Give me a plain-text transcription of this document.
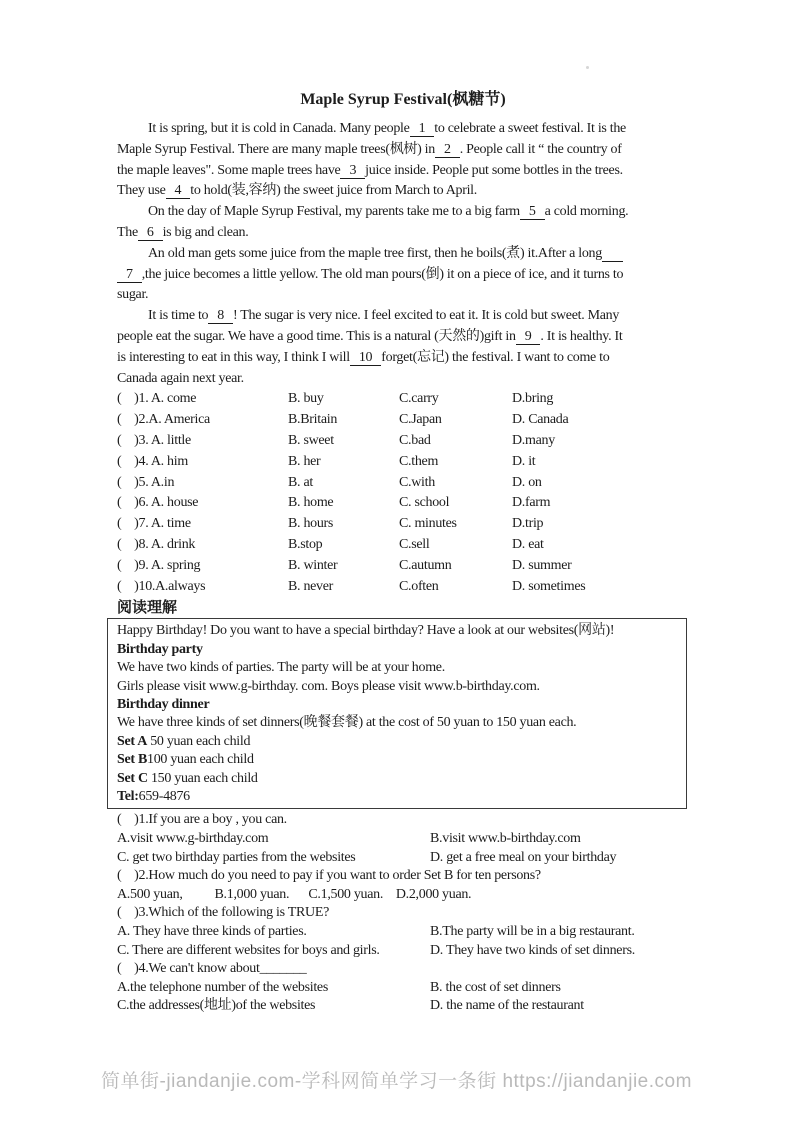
Maple Syrup Festival(枫糖节)
It is spring, but it is cold in Canada. Many people 1 to celebrate a sweet festival. It is the
Maple Syrup Festival. There are many maple trees(枫树) in 2 . People call it “ the country of
the maple leaves". Some maple trees have 3 juice inside. People put some bottles in the trees.
They use 4 to hold(装,容纳) the sweet juice from March to April.
On the day of Maple Syrup Festival, my parents take me to a big farm 5 a cold morning.
The 6 is big and clean.
An old man gets some juice from the maple tree first, then he boils(煮) it.After a long
7 ,the juice becomes a little yellow. The old man pours(倒) it on a piece of ice, and it turns to
sugar.
It is time to 8 ! The sugar is very nice. I feel excited to eat it. It is cold but sweet. Many
people eat the sugar. We have a good time. This is a natural (天然的)gift in 9 . It is healthy. It
is interesting to eat in this way, I think I will 10 forget(忘记) the festival. I want to come to
Canada again next year.
(    )1. A. come	B. buy	C.carry	D.bring
(    )2.A. America	B.Britain	C.Japan	D. Canada
(    )3. A. little	B. sweet	C.bad	D.many
(    )4. A. him	B. her	C.them	D. it
(    )5. A.in	B. at	C.with	D. on
(    )6. A. house	B. home	C. school	D.farm
(    )7. A. time	B. hours	C. minutes	D.trip
(    )8. A. drink	B.stop	C.sell	D. eat
(    )9. A. spring	B. winter	C.autumn	D. summer
(    )10.A.always	B. never	C.often	D. sometimes
阅读理解
Happy Birthday! Do you want to have a special birthday? Have a look at our websites(网站)!
Birthday party
We have two kinds of parties. The party will be at your home.
Girls please visit www.g-birthday. com. Boys please visit www.b-birthday.com.
Birthday dinner
We have three kinds of set dinners(晚餐套餐) at the cost of 50 yuan to 150 yuan each.
Set A 50 yuan each child
Set B100 yuan each child
Set C 150 yuan each child
Tel:659-4876
(    )1.If you are a boy , you can.
A.visit www.g-birthday.com	B.visit www.b-birthday.com
C. get two birthday parties from the websites	D. get a free meal on your birthday
(    )2.How much do you need to pay if you want to order Set B for ten persons?
A.500 yuan,          B.1,000 yuan.      C.1,500 yuan.    D.2,000 yuan.
(    )3.Which of the following is TRUE?
A. They have three kinds of parties.	B.The party will be in a big restaurant.
C. There are different websites for boys and girls.	D. They have two kinds of set dinners.
(    )4.We can't know about_______
A.the telephone number of the websites	B. the cost of set dinners
C.the addresses(地址)of the websites	D. the name of the restaurant
简单街-jiandanjie.com-学科网简单学习一条街 https://jiandanjie.com
